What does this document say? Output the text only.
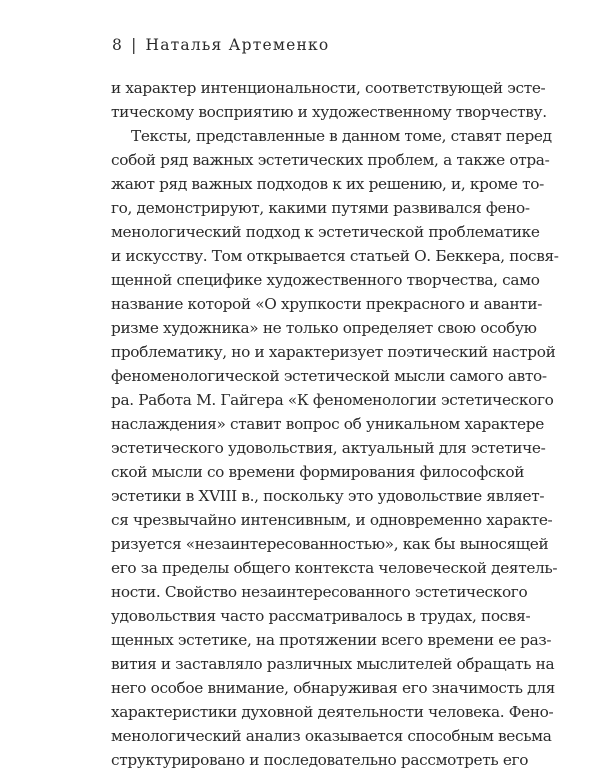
8 | Наталья Артеменко
и характер интенциональности, соответствующей эсте-
тическому восприятию и художественному творчеству.
Тексты, представленные в данном томе, ставят перед
собой ряд важных эстетических проблем, а также отра-
жают ряд важных подходов к их решению, и, кроме то-
го, демонстрируют, какими путями развивался фено-
менологический подход к эстетической проблематике
и искусству. Том открывается статьей О. Беккера, посвя-
щенной специфике художественного творчества, само
название которой «О хрупкости прекрасного и аванти-
ризме художника» не только определяет свою особую
проблематику, но и характеризует поэтический настрой
феноменологической эстетической мысли самого авто-
ра. Работа М. Гайгера «К феноменологии эстетического
наслаждения» ставит вопрос об уникальном характере
эстетического удовольствия, актуальный для эстетиче-
ской мысли со времени формирования философской
эстетики в XVIII в., поскольку это удовольствие являет-
ся чрезвычайно интенсивным, и одновременно характе-
ризуется «незаинтересованностью», как бы выносящей
его за пределы общего контекста человеческой деятель-
ности. Свойство незаинтересованного эстетического
удовольствия часто рассматривалось в трудах, посвя-
щенных эстетике, на протяжении всего времени ее раз-
вития и заставляло различных мыслителей обращать на
него особое внимание, обнаруживая его значимость для
характеристики духовной деятельности человека. Фено-
менологический анализ оказывается способным весьма
структурировано и последовательно рассмотреть его
